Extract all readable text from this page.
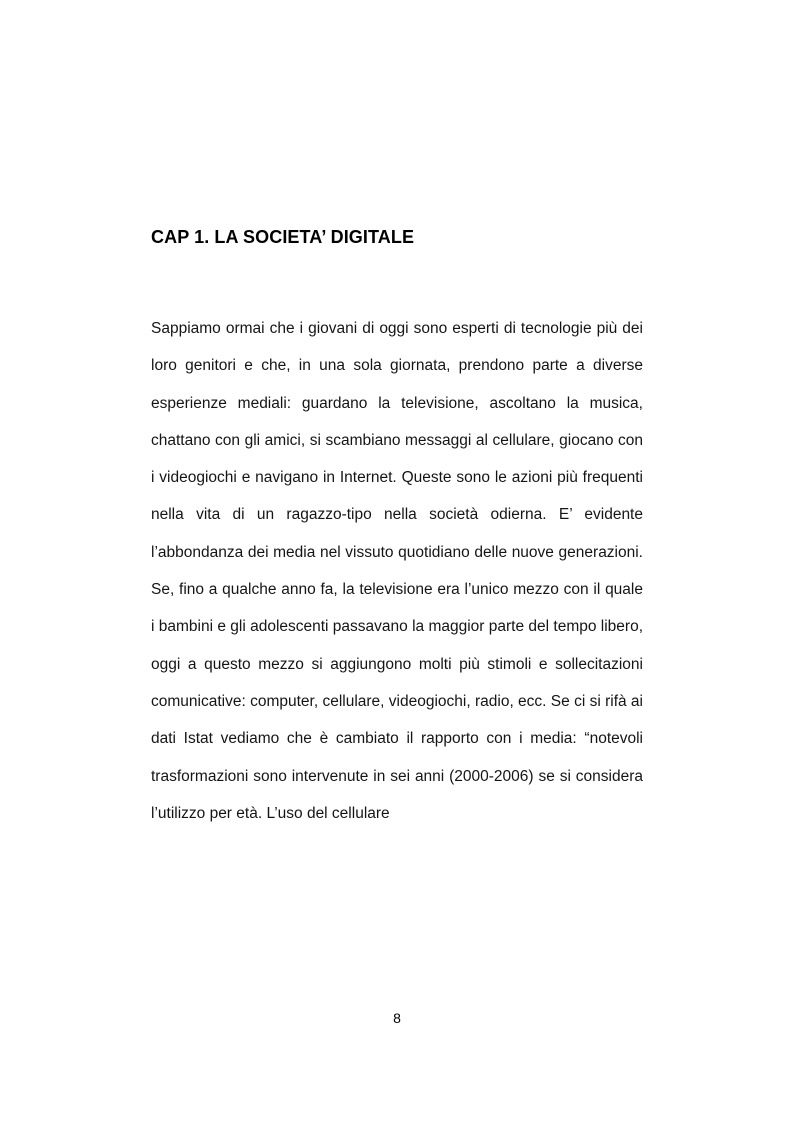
CAP 1. LA SOCIETA’ DIGITALE

Sappiamo ormai che i giovani di oggi sono esperti di tecnologie più dei loro genitori e che, in una sola giornata, prendono parte a diverse esperienze mediali: guardano la televisione, ascoltano la musica, chattano con gli amici, si scambiano messaggi al cellulare, giocano con i videogiochi e navigano in Internet. Queste sono le azioni più frequenti nella vita di un ragazzo-tipo nella società odierna. E’ evidente l’abbondanza dei media nel vissuto quotidiano delle nuove generazioni. Se, fino a qualche anno fa, la televisione era l’unico mezzo con il quale i bambini e gli adolescenti passavano la maggior parte del tempo libero, oggi a questo mezzo si aggiungono molti più stimoli e sollecitazioni comunicative: computer, cellulare, videogiochi, radio, ecc. Se ci si rifà ai dati Istat vediamo che è cambiato il rapporto con i media: “notevoli trasformazioni sono intervenute in sei anni (2000-2006) se si considera l’utilizzo per età. L’uso del cellulare

8
